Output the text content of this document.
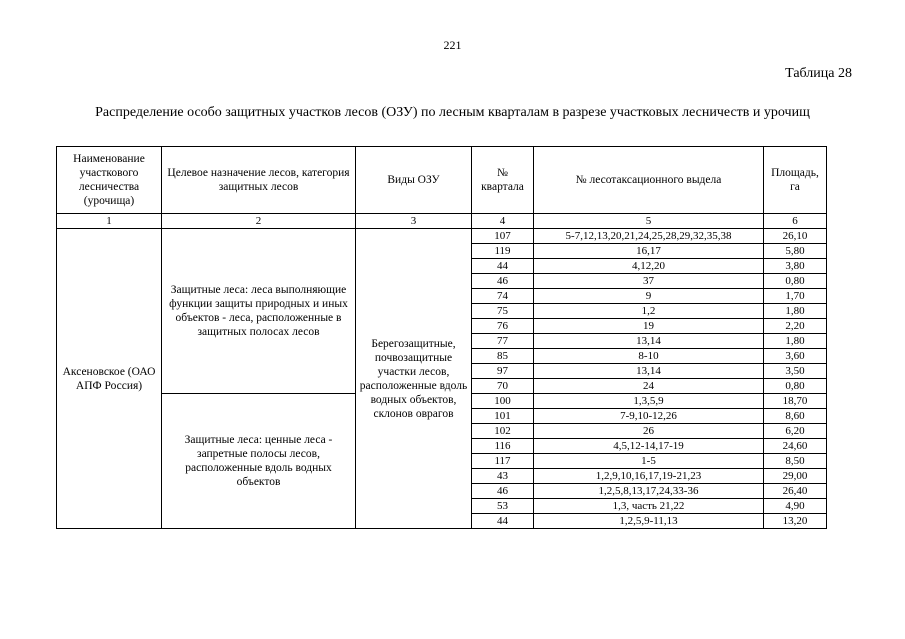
221
Таблица 28
Распределение особо защитных участков лесов (ОЗУ) по лесным кварталам в разрезе участковых лесничеств и урочищ
Наименование участкового лесничества (урочища)	Целевое назначение лесов, категория защитных лесов	Виды ОЗУ	№ квартала	№ лесотаксационного выдела	Площадь, га
1	2	3	4	5	6
Аксеновское (ОАО АПФ Россия)	Защитные леса: леса выполняющие функции защиты природных и иных объектов - леса, расположенные в защитных полосах лесов	Берегозащитные, почвозащитные участки лесов, расположенные вдоль водных объектов, склонов оврагов	107	5-7,12,13,20,21,24,25,28,29,32,35,38	26,10
			119	16,17	5,80
			44	4,12,20	3,80
			46	37	0,80
			74	9	1,70
			75	1,2	1,80
			76	19	2,20
			77	13,14	1,80
			85	8-10	3,60
			97	13,14	3,50
			70	24	0,80
	Защитные леса: ценные леса - запретные полосы лесов, расположенные вдоль водных объектов		100	1,3,5,9	18,70
			101	7-9,10-12,26	8,60
			102	26	6,20
			116	4,5,12-14,17-19	24,60
			117	1-5	8,50
			43	1,2,9,10,16,17,19-21,23	29,00
			46	1,2,5,8,13,17,24,33-36	26,40
			53	1,3, часть 21,22	4,90
			44	1,2,5,9-11,13	13,20
